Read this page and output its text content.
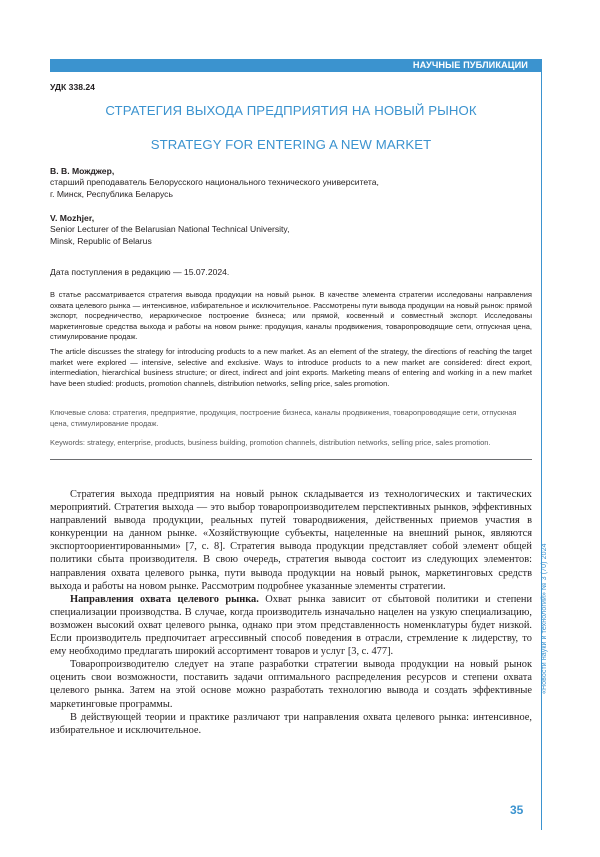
НАУЧНЫЕ ПУБЛИКАЦИИ
УДК 338.24
СТРАТЕГИЯ ВЫХОДА ПРЕДПРИЯТИЯ НА НОВЫЙ РЫНОК
STRATEGY FOR ENTERING A NEW MARKET
В. В. Можджер,
старший преподаватель Белорусского национального технического университета,
г. Минск, Республика Беларусь
V. Mozhjer,
Senior Lecturer of the Belarusian National Technical University,
Minsk, Republic of Belarus
Дата поступления в редакцию — 15.07.2024.
В статье рассматривается стратегия вывода продукции на новый рынок. В качестве элемента стратегии исследованы направления охвата целевого рынка — интенсивное, избирательное и исключительное. Рассмотрены пути вывода продукции на новый рынок: прямой экспорт, посредничество, иерархическое построение бизнеса; или прямой, косвенный и совместный экспорт. Исследованы маркетинговые средства выхода и работы на новом рынке: продукция, каналы продвижения, товаропроводящие сети, отпускная цена, стимулирование продаж.
The article discusses the strategy for introducing products to a new market. As an element of the strategy, the directions of reaching the target market were explored — intensive, selective and exclusive. Ways to introduce products to a new market are considered: direct export, intermediation, hierarchical business structure; or direct, indirect and joint exports. Marketing means of entering and working in a new market have been studied: products, promotion channels, distribution networks, selling price, sales promotion.
Ключевые слова: стратегия, предприятие, продукция, построение бизнеса, каналы продвижения, товаропроводящие сети, отпускная цена, стимулирование продаж.
Keywords: strategy, enterprise, products, business building, promotion channels, distribution networks, selling price, sales promotion.

Стратегия выхода предприятия на новый рынок складывается из технологических и тактических мероприятий. Стратегия выхода — это выбор товаропроизводителем перспективных рынков, эффективных направлений вывода продукции, реальных путей товародвижения, действенных приемов участия в конкуренции на данном рынке. «Хозяйствующие субъекты, нацеленные на внешний рынок, являются экспортоориентированными» [7, с. 8]. Стратегия вывода продукции представляет собой элемент общей политики сбыта производителя. В свою очередь, стратегия вывода состоит из следующих элементов: направления охвата целевого рынка, пути вывода продукции на новый рынок, маркетинговых средств выхода и работы на новом рынке. Рассмотрим подробнее указанные элементы стратегии.

Направления охвата целевого рынка. Охват рынка зависит от сбытовой политики и степени специализации производства. В случае, когда производитель изначально нацелен на узкую специализацию, возможен высокий охват целевого рынка, однако при этом представленность номенклатуры будет низкой. Если производитель предпочитает агрессивный способ поведения в отрасли, стремление к лидерству, то ему необходимо предлагать широкий ассортимент товаров и услуг [3, с. 477].

Товаропроизводителю следует на этапе разработки стратегии вывода продукции на новый рынок оценить свои возможности, поставить задачи оптимального распределения ресурсов и степени охвата целевого рынка. Затем на этой основе можно разработать технологию вывода и создать эффективные маркетинговые программы.

В действующей теории и практике различают три направления охвата целевого рынка: интенсивное, избирательное и исключительное.

«Новости науки и технологий» № 3 (70) 2024
35
